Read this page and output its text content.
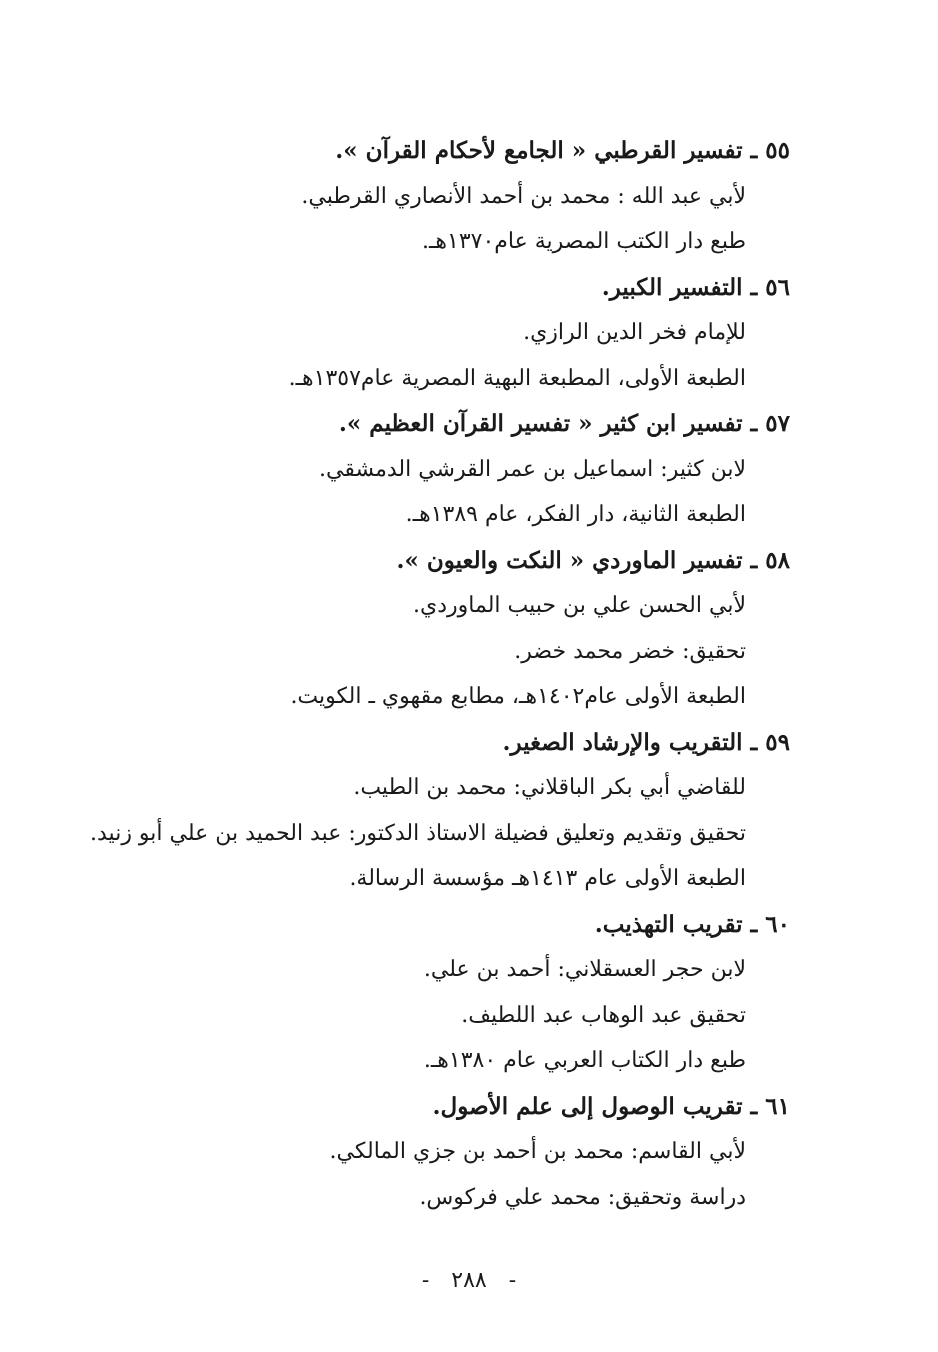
٥٥ ـ تفسير القرطبي « الجامع لأحكام القرآن ».
لأبي عبد الله : محمد بن أحمد الأنصاري القرطبي.
طبع دار الكتب المصرية عام١٣٧٠هـ.
٥٦ ـ التفسير الكبير.
للإمام فخر الدين الرازي.
الطبعة الأولى، المطبعة البهية المصرية عام١٣٥٧هـ.
٥٧ ـ تفسير ابن كثير « تفسير القرآن العظيم ».
لابن كثير: اسماعيل بن عمر القرشي الدمشقي.
الطبعة الثانية، دار الفكر، عام ١٣٨٩هـ.
٥٨ ـ تفسير الماوردي « النكت والعيون ».
لأبي الحسن علي بن حبيب الماوردي.
تحقيق: خضر محمد خضر.
الطبعة الأولى عام١٤٠٢هـ، مطابع مقهوي ـ الكويت.
٥٩ ـ التقريب والإرشاد الصغير.
للقاضي أبي بكر الباقلاني: محمد بن الطيب.
تحقيق وتقديم وتعليق فضيلة الاستاذ الدكتور: عبد الحميد بن علي أبو زنيد.
الطبعة الأولى عام ١٤١٣هـ مؤسسة الرسالة.
٦٠ ـ تقريب التهذيب.
لابن حجر العسقلاني: أحمد بن علي.
تحقيق عبد الوهاب عبد اللطيف.
طبع دار الكتاب العربي عام ١٣٨٠هـ.
٦١ ـ تقريب الوصول إلى علم الأصول.
لأبي القاسم: محمد بن أحمد بن جزي المالكي.
دراسة وتحقيق: محمد علي فركوس.
-٢٨٨-
